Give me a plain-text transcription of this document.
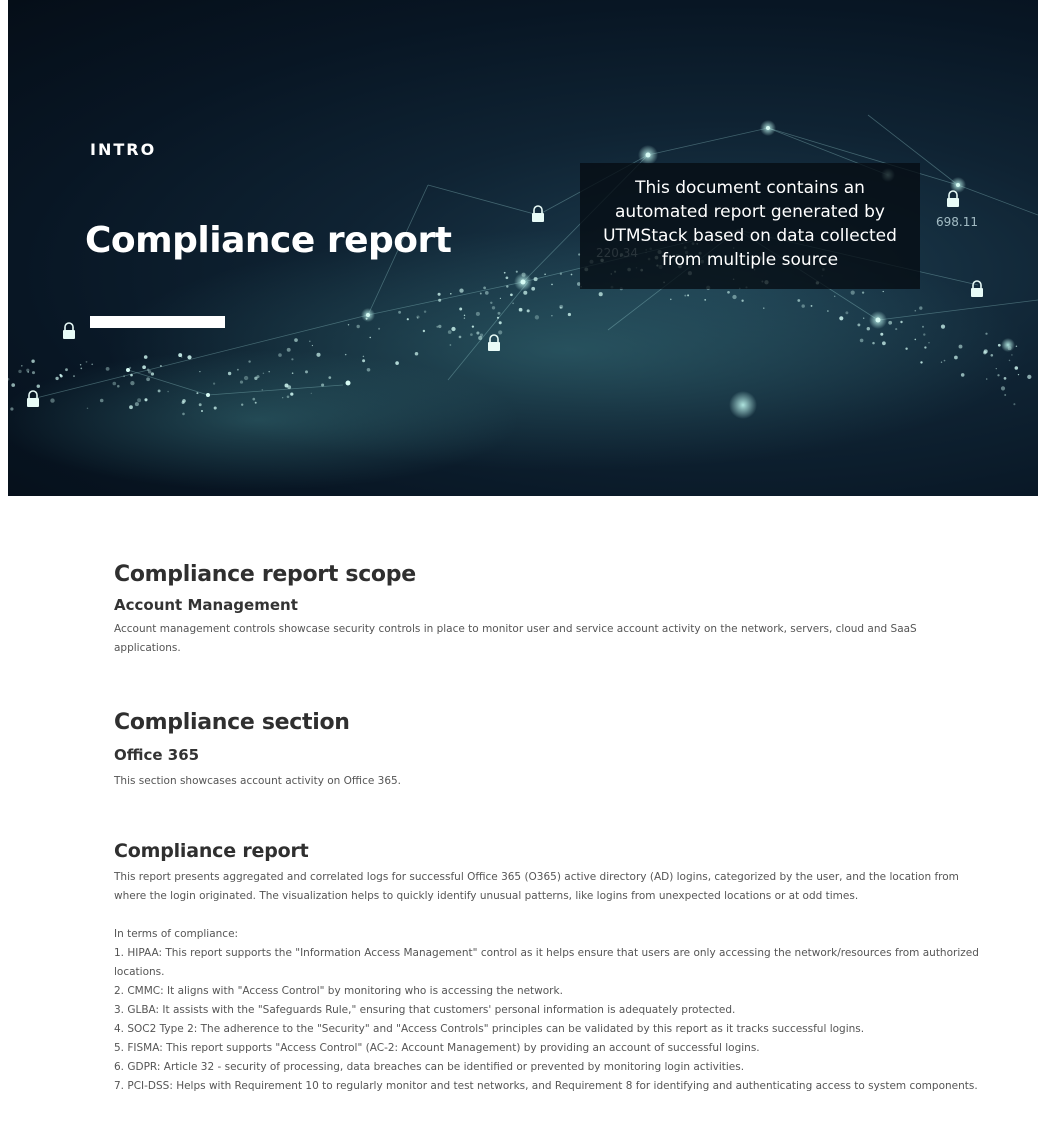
698.11
INTRO
Compliance report
This document contains an automated report generated by UTMStack based on data collected from multiple source
Compliance report scope
Account Management

Account management controls showcase security controls in place to monitor user and service account activity on the network, servers, cloud and SaaS applications.

Compliance section
Office 365

This section showcases account activity on Office 365.

Compliance report

This report presents aggregated and correlated logs for successful Office 365 (O365) active directory (AD) logins, categorized by the user, and the location from where the login originated. The visualization helps to quickly identify unusual patterns, like logins from unexpected locations or at odd times.

In terms of compliance:

1. HIPAA: This report supports the "Information Access Management" control as it helps ensure that users are only accessing the network/resources from authorized locations.

2. CMMC: It aligns with "Access Control" by monitoring who is accessing the network.

3. GLBA: It assists with the "Safeguards Rule," ensuring that customers' personal information is adequately protected.

4. SOC2 Type 2: The adherence to the "Security" and "Access Controls" principles can be validated by this report as it tracks successful logins.

5. FISMA: This report supports "Access Control" (AC-2: Account Management) by providing an account of successful logins.

6. GDPR: Article 32 - security of processing, data breaches can be identified or prevented by monitoring login activities.

7. PCI-DSS: Helps with Requirement 10 to regularly monitor and test networks, and Requirement 8 for identifying and authenticating access to system components.
